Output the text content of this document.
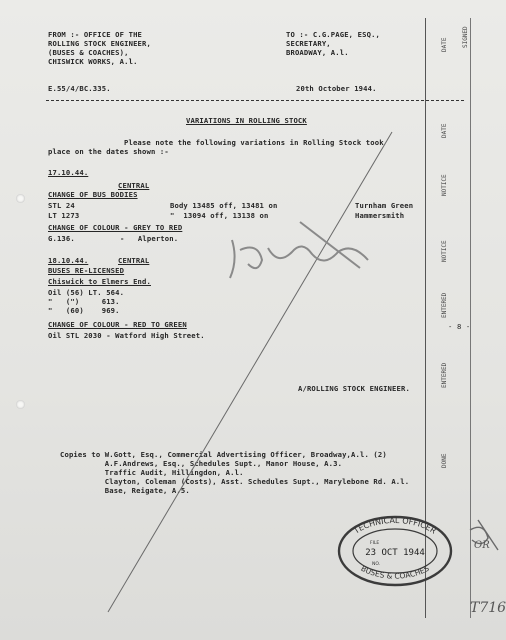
DATE
DATE
NOTICE
NOTICE
ENTERED
ENTERED
DONE
SIGNED
- 8 -
FROM :- OFFICE OF THE
ROLLING STOCK ENGINEER,
(BUSES & COACHES),
CHISWICK WORKS, A.l.
TO :- C.G.PAGE, ESQ.,
SECRETARY,
BROADWAY, A.l.
E.55/4/BC.335.	20th October 1944.
VARIATIONS IN ROLLING STOCK
Please note the following variations in Rolling Stock took
place on the dates shown :-
17.10.44.
CENTRAL
CHANGE OF BUS BODIES
STL 24	Body 13485 off, 13481 on	Turnham Green
LT 1273	"  13094 off, 13138 on	Hammersmith
CHANGE OF COLOUR - GREY TO RED
G.136.	-   Alperton.
18.10.44.	CENTRAL
BUSES RE-LICENSED
Chiswick to Elmers End.
Oil (56) LT. 564.
"   (")     613.
"   (60)    969.
CHANGE OF COLOUR - RED TO GREEN
Oil STL 2030 - Watford High Street.
A/ROLLING STOCK ENGINEER.
Copies to W.Gott, Esq., Commercial Advertising Officer, Broadway,A.l. (2)
A.F.Andrews, Esq., Schedules Supt., Manor House, A.3.
Traffic Audit, Hillingdon, A.l.
Clayton, Coleman (Costs), Asst. Schedules Supt., Marylebone Rd. A.l.
Base, Reigate, A.5.
TECHNICAL OFFICER
FILE
23 OCT 1944
NO.
BUSES & COACHES
OR
T716
